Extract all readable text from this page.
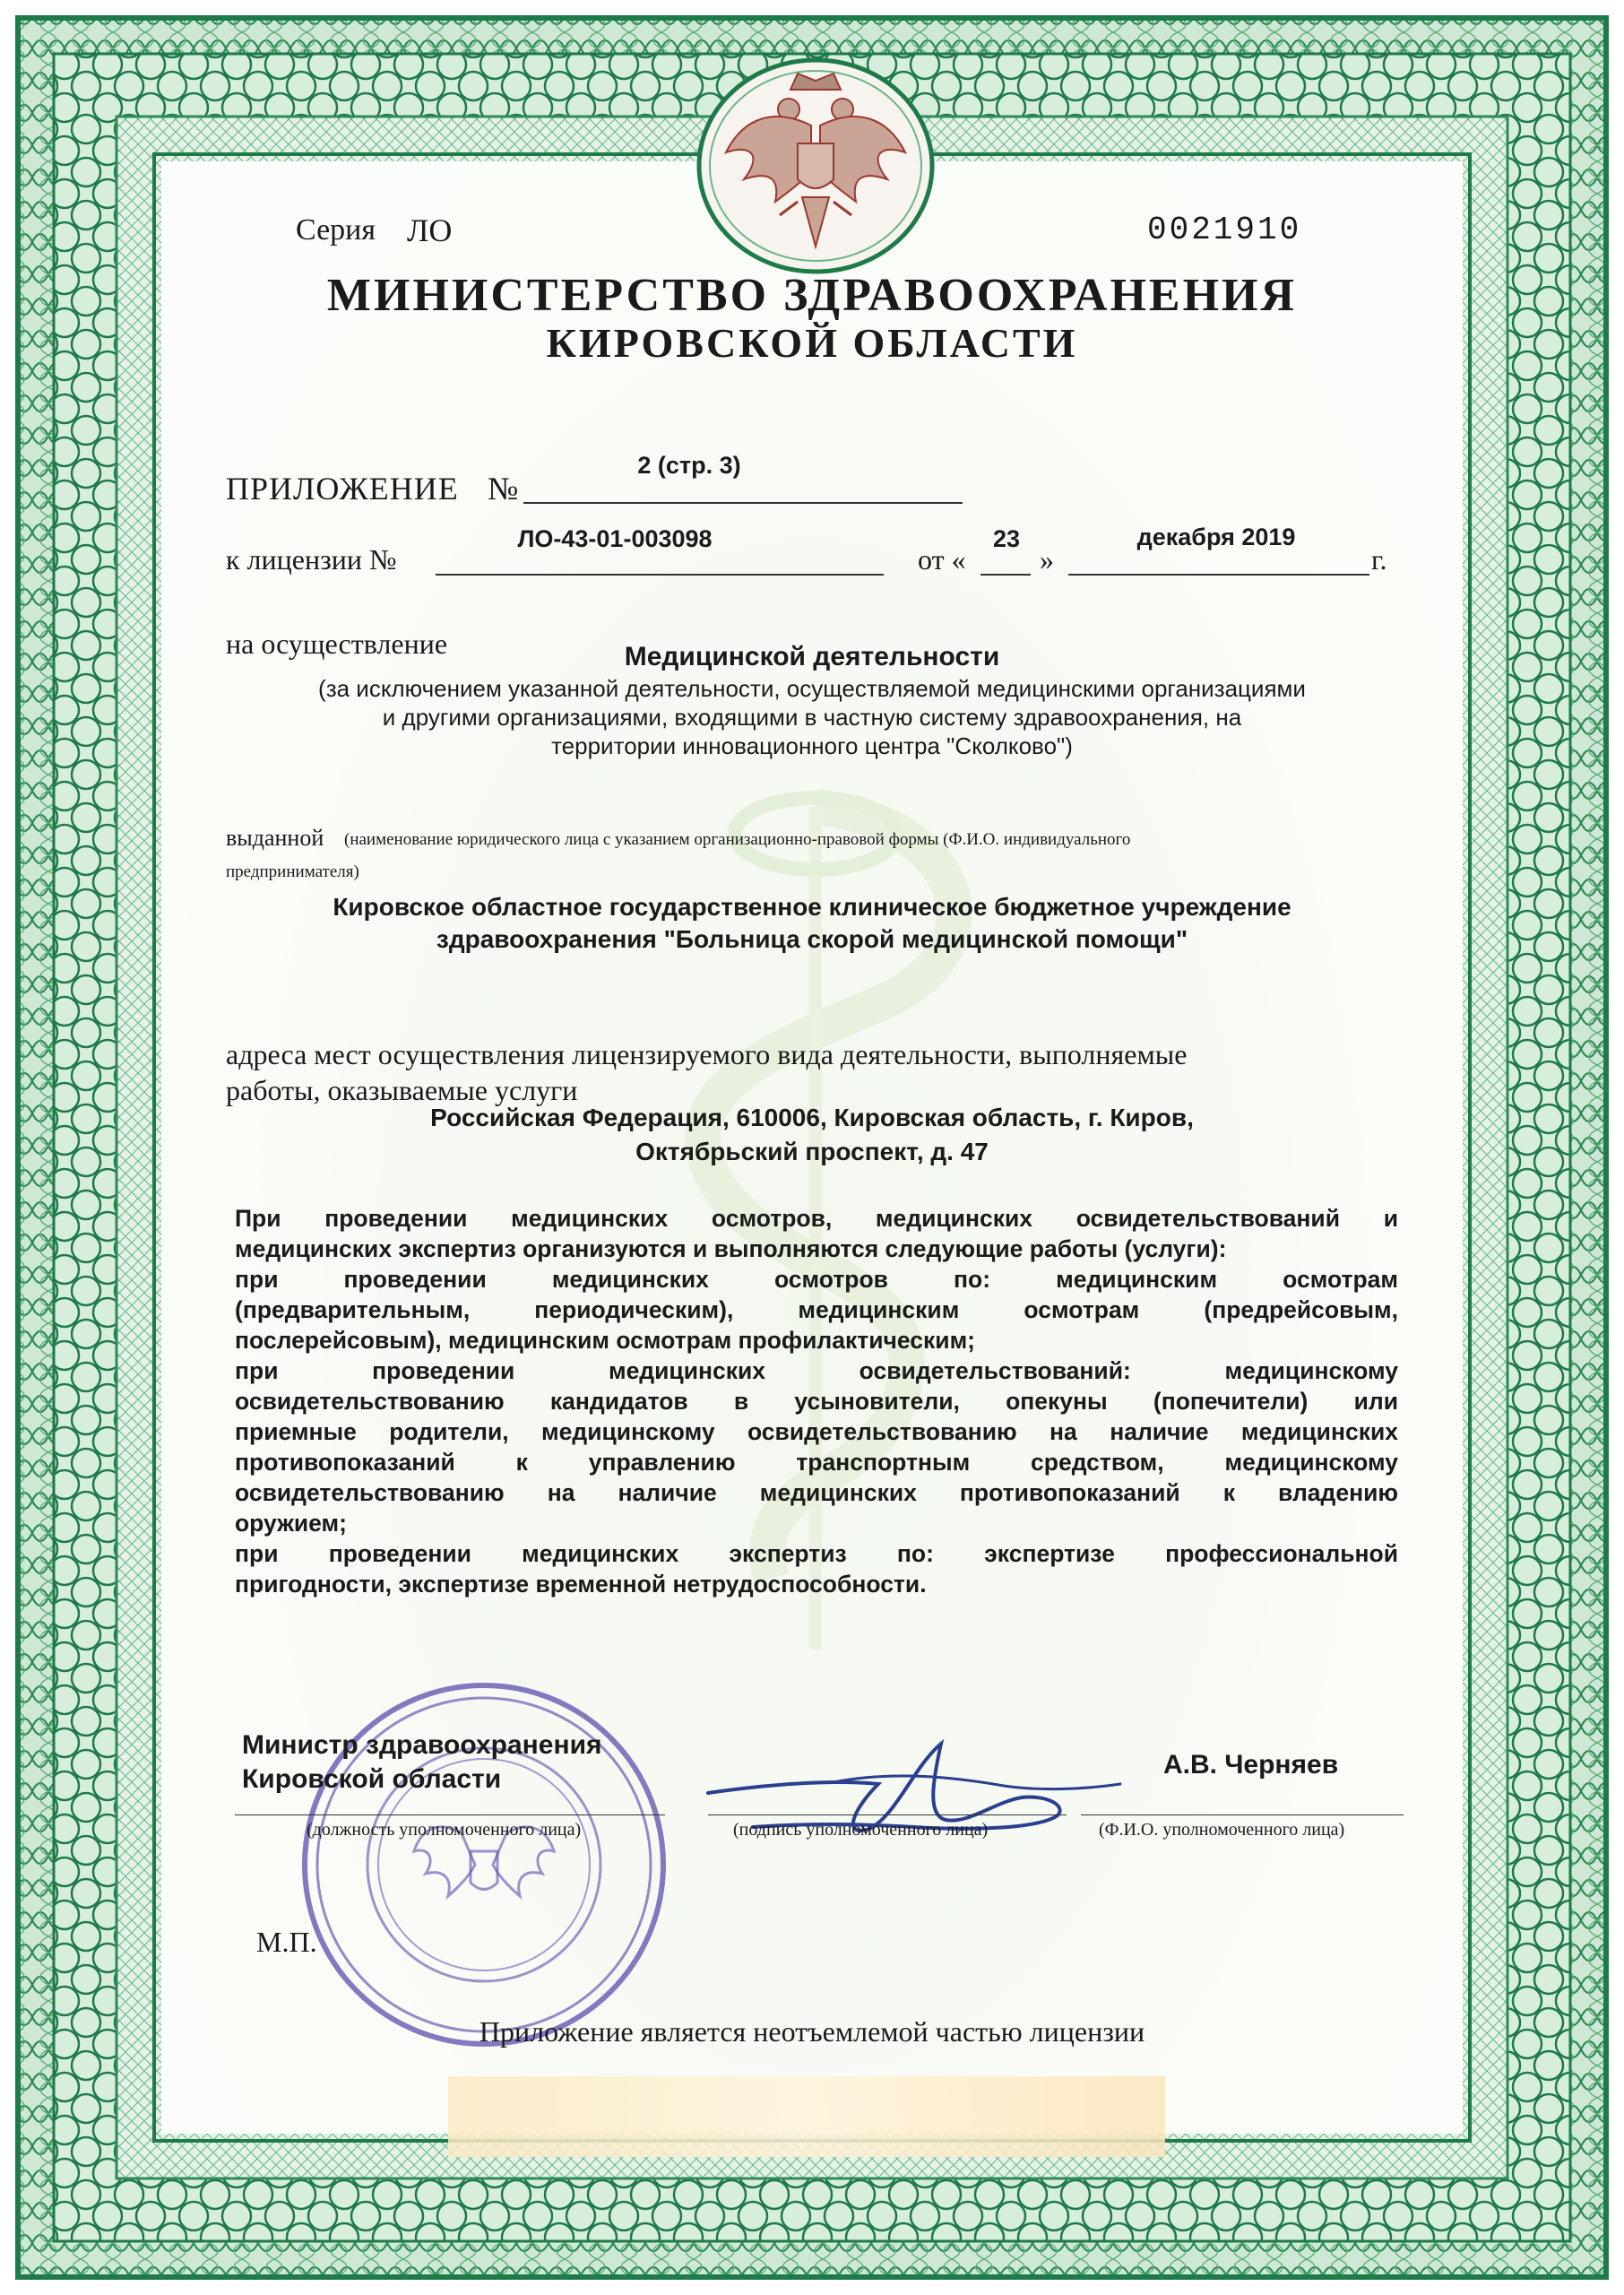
Серия ЛО	0021910
МИНИСТЕРСТВО ЗДРАВООХРАНЕНИЯ
КИРОВСКОЙ ОБЛАСТИ
ПРИЛОЖЕНИЕ №
2 (стр. 3)
к лицензии №
ЛО-43-01-003098
от «
23
»
декабря 2019
г.
на осуществление	Медицинской деятельности
(за исключением указанной деятельности, осуществляемой медицинскими организациями
и другими организациями, входящими в частную систему здравоохранения, на
территории инновационного центра "Сколково")
выданной (наименование юридического лица с указанием организационно-правовой формы (Ф.И.О. индивидуального
предпринимателя)
Кировское областное государственное клиническое бюджетное учреждение
здравоохранения "Больница скорой медицинской помощи"
адреса мест осуществления лицензируемого вида деятельности, выполняемые
работы, оказываемые услуги
Российская Федерация, 610006, Кировская область, г. Киров,
Октябрьский проспект, д. 47
При проведении медицинских осмотров, медицинских освидетельствований и
медицинских экспертиз организуются и выполняются следующие работы (услуги):
при проведении медицинских осмотров по: медицинским осмотрам
(предварительным, периодическим), медицинским осмотрам (предрейсовым,
послерейсовым), медицинским осмотрам профилактическим;
при проведении медицинских освидетельствований: медицинскому
освидетельствованию кандидатов в усыновители, опекуны (попечители) или
приемные родители, медицинскому освидетельствованию на наличие медицинских
противопоказаний к управлению транспортным средством, медицинскому
освидетельствованию на наличие медицинских противопоказаний к владению
оружием;
при проведении медицинских экспертиз по: экспертизе профессиональной
пригодности, экспертизе временной нетрудоспособности.
Министр здравоохранения
Кировской области
(должность уполномоченного лица)	(подпись уполномоченного лица)
А.В. Черняев
(Ф.И.О. уполномоченного лица)
М.П.
Приложение является неотъемлемой частью лицензии
